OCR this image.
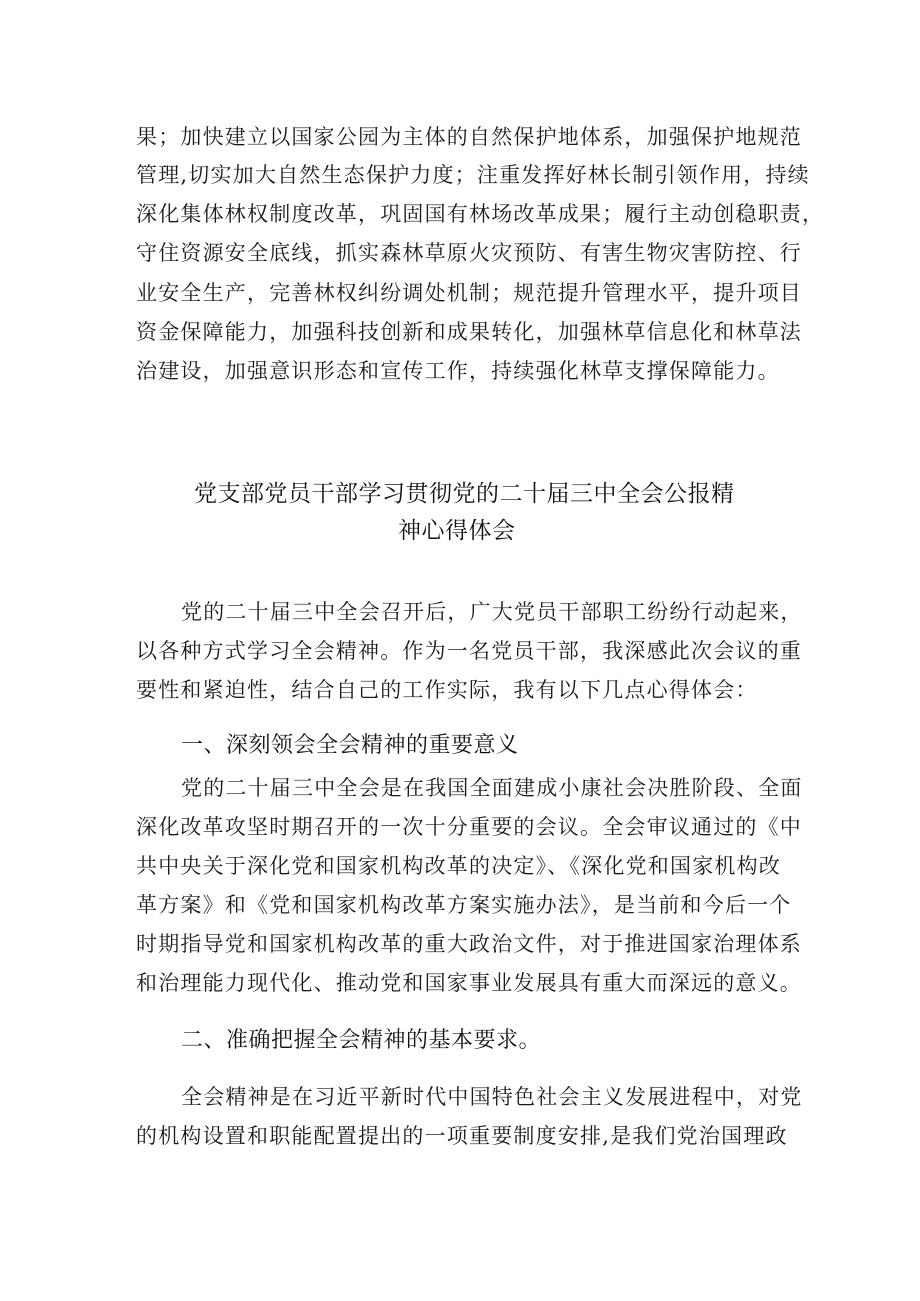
果；加快建立以国家公园为主体的自然保护地体系，加强保护地规范
管理,切实加大自然生态保护力度；注重发挥好林长制引领作用，持续
深化集体林权制度改革，巩固国有林场改革成果；履行主动创稳职责，
守住资源安全底线，抓实森林草原火灾预防、有害生物灾害防控、行
业安全生产，完善林权纠纷调处机制；规范提升管理水平，提升项目
资金保障能力，加强科技创新和成果转化，加强林草信息化和林草法
治建设，加强意识形态和宣传工作，持续强化林草支撑保障能力。
党支部党员干部学习贯彻党的二十届三中全会公报精
神心得体会
党的二十届三中全会召开后，广大党员干部职工纷纷行动起来，
以各种方式学习全会精神。作为一名党员干部，我深感此次会议的重
要性和紧迫性，结合自己的工作实际，我有以下几点心得体会：
一、深刻领会全会精神的重要意义
党的二十届三中全会是在我国全面建成小康社会决胜阶段、全面
深化改革攻坚时期召开的一次十分重要的会议。全会审议通过的《中
共中央关于深化党和国家机构改革的决定》、《深化党和国家机构改
革方案》和《党和国家机构改革方案实施办法》，是当前和今后一个
时期指导党和国家机构改革的重大政治文件，对于推进国家治理体系
和治理能力现代化、推动党和国家事业发展具有重大而深远的意义。
二、准确把握全会精神的基本要求。
全会精神是在习近平新时代中国特色社会主义发展进程中，对党
的机构设置和职能配置提出的一项重要制度安排,是我们党治国理政
